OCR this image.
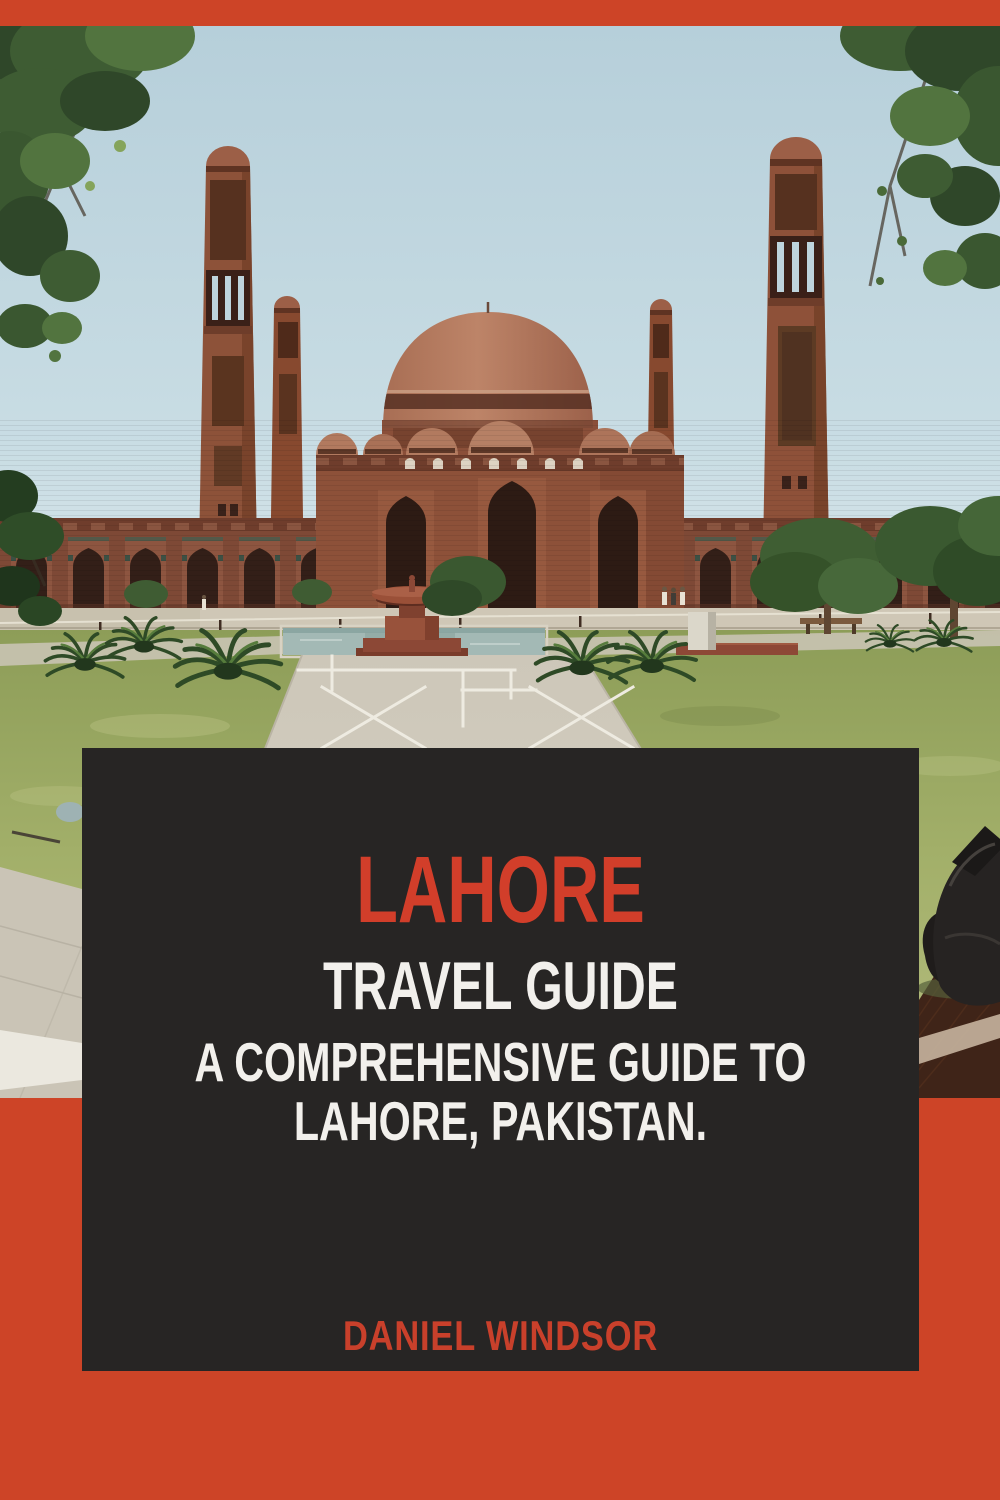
LAHORE
TRAVEL GUIDE

A COMPREHENSIVE GUIDE TO

LAHORE, PAKISTAN.

DANIEL WINDSOR
